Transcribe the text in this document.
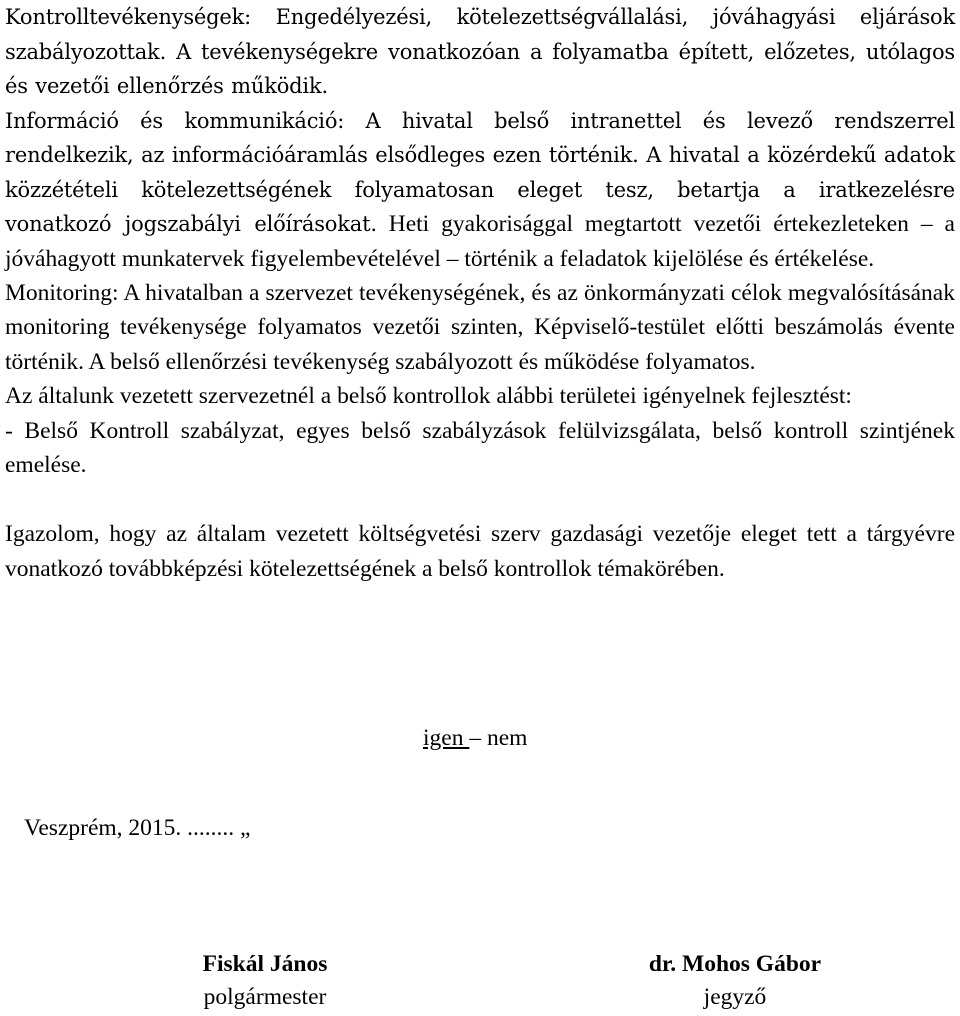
Kontrolltevékenységek: Engedélyezési, kötelezettségvállalási, jóváhagyási eljárások szabályozottak. A tevékenységekre vonatkozóan a folyamatba épített, előzetes, utólagos és vezetői ellenőrzés működik.

Információ és kommunikáció: A hivatal belső intranettel és levező rendszerrel rendelkezik, az információáramlás elsődleges ezen történik. A hivatal a közérdekű adatok közzétételi kötelezettségének folyamatosan eleget tesz, betartja a iratkezelésre vonatkozó jogszabályi előírásokat. Heti gyakorisággal megtartott vezetői értekezleteken – a jóváhagyott munkatervek figyelembevételével – történik a feladatok kijelölése és értékelése.

Monitoring: A hivatalban a szervezet tevékenységének, és az önkormányzati célok megvalósításának monitoring tevékenysége folyamatos vezetői szinten, Képviselő-testület előtti beszámolás évente történik. A belső ellenőrzési tevékenység szabályozott és működése folyamatos.

Az általunk vezetett szervezetnél a belső kontrollok alábbi területei igényelnek fejlesztést:

- Belső Kontroll szabályzat, egyes belső szabályzások felülvizsgálata, belső kontroll szintjének emelése.

Igazolom, hogy az általam vezetett költségvetési szerv gazdasági vezetője eleget tett a tárgyévre vonatkozó továbbképzési kötelezettségének a belső kontrollok témakörében.

igen – nem
Veszprém, 2015. ........ „
Fiskál János
polgármester
dr. Mohos Gábor
jegyző
